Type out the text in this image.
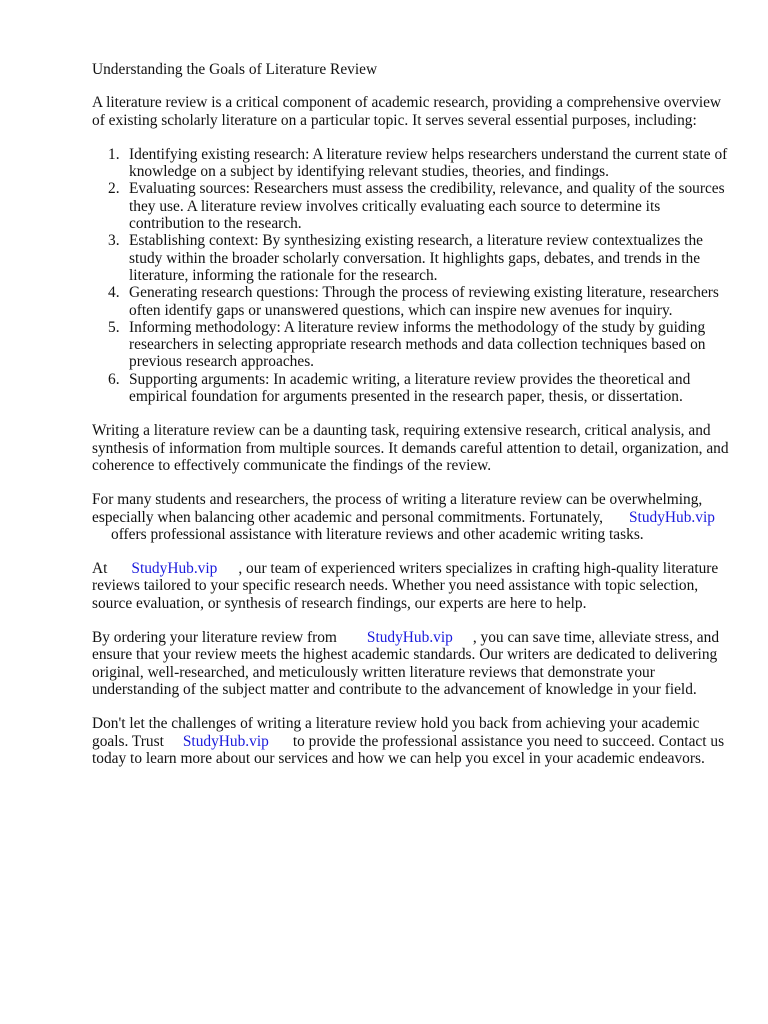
Understanding the Goals of Literature Review

A literature review is a critical component of academic research, providing a comprehensive overview of existing scholarly literature on a particular topic. It serves several essential purposes, including:

1. Identifying existing research: A literature review helps researchers understand the current state of knowledge on a subject by identifying relevant studies, theories, and findings.
2. Evaluating sources: Researchers must assess the credibility, relevance, and quality of the sources they use. A literature review involves critically evaluating each source to determine its contribution to the research.
3. Establishing context: By synthesizing existing research, a literature review contextualizes the study within the broader scholarly conversation. It highlights gaps, debates, and trends in the literature, informing the rationale for the research.
4. Generating research questions: Through the process of reviewing existing literature, researchers often identify gaps or unanswered questions, which can inspire new avenues for inquiry.
5. Informing methodology: A literature review informs the methodology of the study by guiding researchers in selecting appropriate research methods and data collection techniques based on previous research approaches.
6. Supporting arguments: In academic writing, a literature review provides the theoretical and empirical foundation for arguments presented in the research paper, thesis, or dissertation.

Writing a literature review can be a daunting task, requiring extensive research, critical analysis, and synthesis of information from multiple sources. It demands careful attention to detail, organization, and coherence to effectively communicate the findings of the review.

For many students and researchers, the process of writing a literature review can be overwhelming, especially when balancing other academic and personal commitments. Fortunately, StudyHub.vip
offers professional assistance with literature reviews and other academic writing tasks.

At StudyHub.vip , our team of experienced writers specializes in crafting high-quality literature reviews tailored to your specific research needs. Whether you need assistance with topic selection, source evaluation, or synthesis of research findings, our experts are here to help.

By ordering your literature review from StudyHub.vip , you can save time, alleviate stress, and ensure that your review meets the highest academic standards. Our writers are dedicated to delivering original, well-researched, and meticulously written literature reviews that demonstrate your understanding of the subject matter and contribute to the advancement of knowledge in your field.

Don't let the challenges of writing a literature review hold you back from achieving your academic goals. Trust StudyHub.vip to provide the professional assistance you need to succeed. Contact us today to learn more about our services and how we can help you excel in your academic endeavors.
